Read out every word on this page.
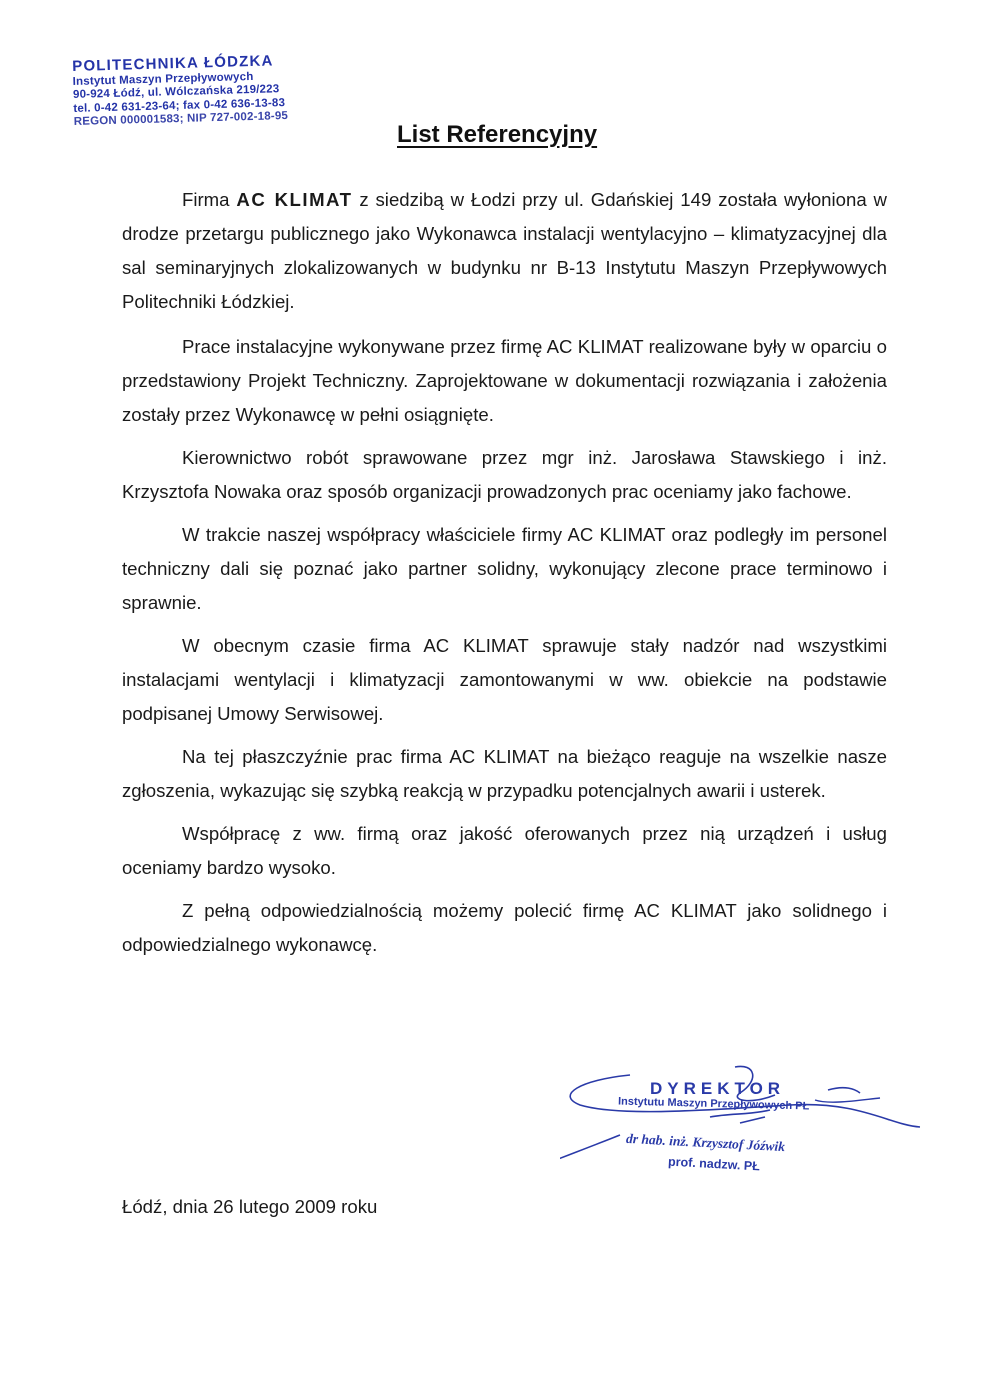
POLITECHNIKA ŁÓDZKA
Instytut Maszyn Przepływowych
90-924 Łódź, ul. Wólczańska 219/223
tel. 0-42 631-23-64; fax 0-42 636-13-83
REGON 000001583; NIP 727-002-18-95
List Referencyjny

Firma AC KLIMAT z siedzibą w Łodzi przy ul. Gdańskiej 149 została wyłoniona w drodze przetargu publicznego jako Wykonawca instalacji wentylacyjno – klimatyzacyjnej dla sal seminaryjnych zlokalizowanych w budynku nr B-13 Instytutu Maszyn Przepływowych Politechniki Łódzkiej.

Prace instalacyjne wykonywane przez firmę AC KLIMAT realizowane były w oparciu o przedstawiony Projekt Techniczny. Zaprojektowane w dokumentacji rozwiązania i założenia zostały przez Wykonawcę w pełni osiągnięte.

Kierownictwo robót sprawowane przez mgr inż. Jarosława Stawskiego i inż. Krzysztofa Nowaka oraz sposób organizacji prowadzonych prac oceniamy jako fachowe.

W trakcie naszej współpracy właściciele firmy AC KLIMAT oraz podległy im personel techniczny dali się poznać jako partner solidny, wykonujący zlecone prace terminowo i sprawnie.

W obecnym czasie firma AC KLIMAT sprawuje stały nadzór nad wszystkimi instalacjami wentylacji i klimatyzacji zamontowanymi w ww. obiekcie na podstawie podpisanej Umowy Serwisowej.

Na tej płaszczyźnie prac firma AC KLIMAT na bieżąco reaguje na wszelkie nasze zgłoszenia, wykazując się szybką reakcją w przypadku potencjalnych awarii i usterek.

Współpracę z ww. firmą oraz jakość oferowanych przez nią urządzeń i usług oceniamy bardzo wysoko.

Z pełną odpowiedzialnością możemy polecić firmę AC KLIMAT jako solidnego i odpowiedzialnego wykonawcę.

DYREKTOR
Instytutu Maszyn Przepływowych PŁ
dr hab. inż. Krzysztof Jóźwik
prof. nadzw. PŁ
Łódź, dnia 26 lutego 2009 roku
